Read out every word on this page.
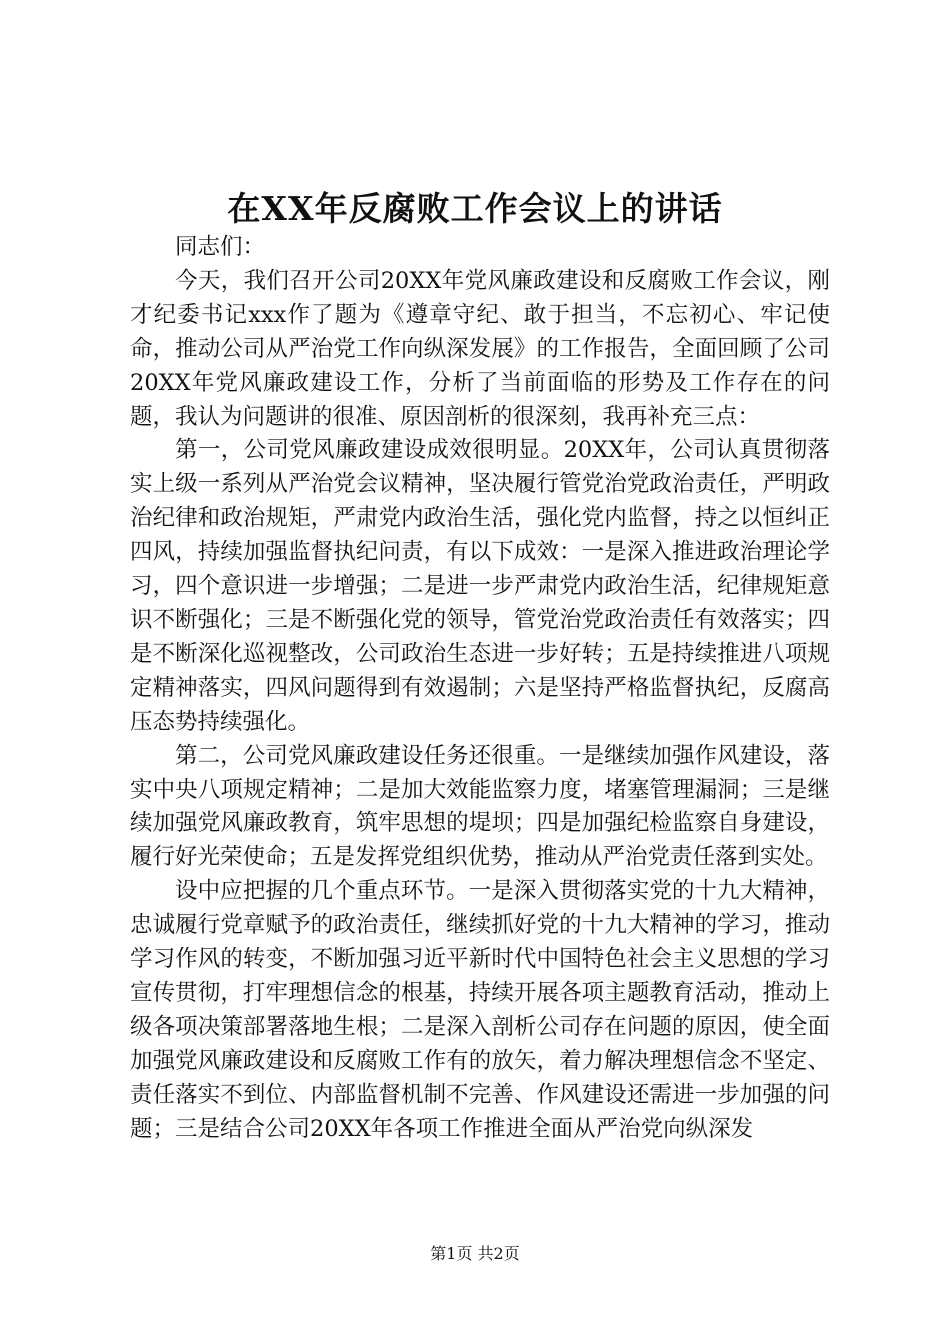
在XX年反腐败工作会议上的讲话

同志们：

今天，我们召开公司20XX年党风廉政建设和反腐败工作会议，刚才纪委书记xxx作了题为《遵章守纪、敢于担当，不忘初心、牢记使命，推动公司从严治党工作向纵深发展》的工作报告，全面回顾了公司20XX年党风廉政建设工作，分析了当前面临的形势及工作存在的问题，我认为问题讲的很准、原因剖析的很深刻，我再补充三点：

第一，公司党风廉政建设成效很明显。20XX年，公司认真贯彻落实上级一系列从严治党会议精神，坚决履行管党治党政治责任，严明政治纪律和政治规矩，严肃党内政治生活，强化党内监督，持之以恒纠正四风，持续加强监督执纪问责，有以下成效：一是深入推进政治理论学习，四个意识进一步增强；二是进一步严肃党内政治生活，纪律规矩意识不断强化；三是不断强化党的领导，管党治党政治责任有效落实；四是不断深化巡视整改，公司政治生态进一步好转；五是持续推进八项规定精神落实，四风问题得到有效遏制；六是坚持严格监督执纪，反腐高压态势持续强化。

第二，公司党风廉政建设任务还很重。一是继续加强作风建设，落实中央八项规定精神；二是加大效能监察力度，堵塞管理漏洞；三是继续加强党风廉政教育，筑牢思想的堤坝；四是加强纪检监察自身建设，履行好光荣使命；五是发挥党组织优势，推动从严治党责任落到实处。

设中应把握的几个重点环节。一是深入贯彻落实党的十九大精神，忠诚履行党章赋予的政治责任，继续抓好党的十九大精神的学习，推动学习作风的转变，不断加强习近平新时代中国特色社会主义思想的学习宣传贯彻，打牢理想信念的根基，持续开展各项主题教育活动，推动上级各项决策部署落地生根；二是深入剖析公司存在问题的原因，使全面加强党风廉政建设和反腐败工作有的放矢，着力解决理想信念不坚定、责任落实不到位、内部监督机制不完善、作风建设还需进一步加强的问题；三是结合公司20XX年各项工作推进全面从严治党向纵深发

第1页 共2页
